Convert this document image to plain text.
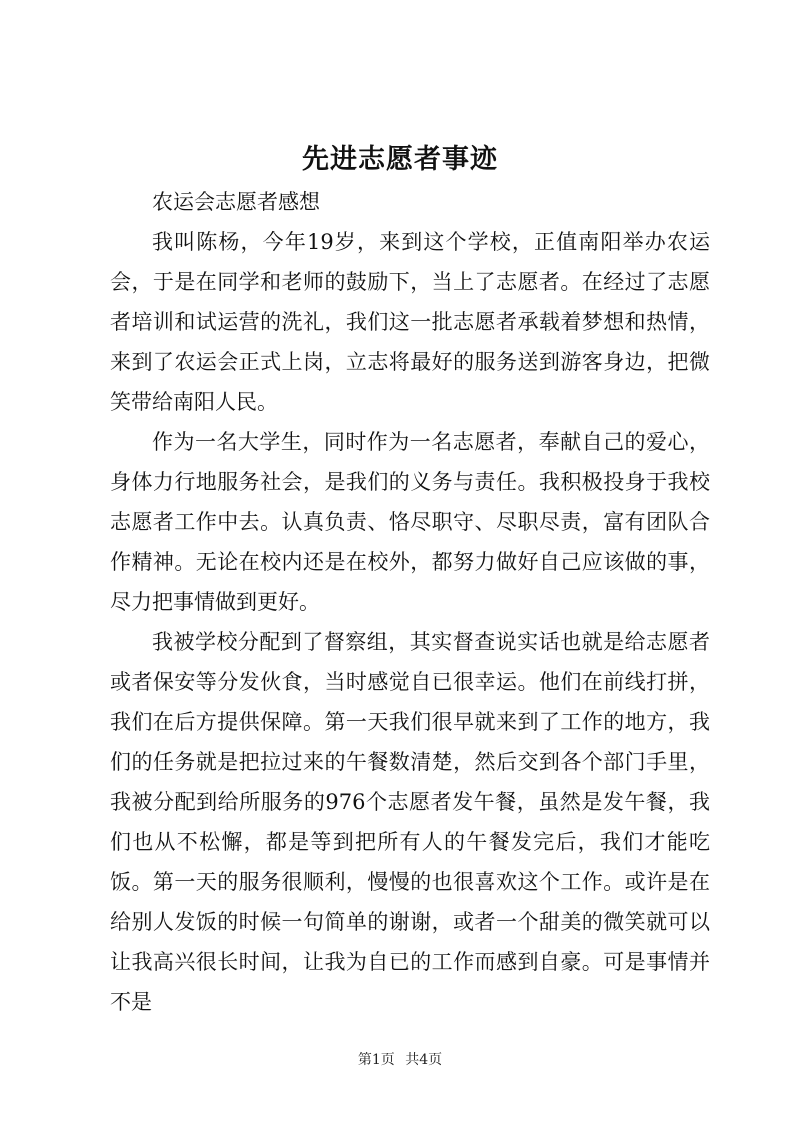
先进志愿者事迹

农运会志愿者感想

我叫陈杨，今年19岁，来到这个学校，正值南阳举办农运会，于是在同学和老师的鼓励下，当上了志愿者。在经过了志愿者培训和试运营的洗礼，我们这一批志愿者承载着梦想和热情，来到了农运会正式上岗，立志将最好的服务送到游客身边，把微笑带给南阳人民。

作为一名大学生，同时作为一名志愿者，奉献自己的爱心，身体力行地服务社会，是我们的义务与责任。我积极投身于我校志愿者工作中去。认真负责、恪尽职守、尽职尽责，富有团队合作精神。无论在校内还是在校外，都努力做好自己应该做的事，尽力把事情做到更好。

我被学校分配到了督察组，其实督查说实话也就是给志愿者或者保安等分发伙食，当时感觉自已很幸运。他们在前线打拼，我们在后方提供保障。第一天我们很早就来到了工作的地方，我们的任务就是把拉过来的午餐数清楚，然后交到各个部门手里，我被分配到给所服务的976个志愿者发午餐，虽然是发午餐，我们也从不松懈，都是等到把所有人的午餐发完后，我们才能吃饭。第一天的服务很顺利，慢慢的也很喜欢这个工作。或许是在给别人发饭的时候一句简单的谢谢，或者一个甜美的微笑就可以让我高兴很长时间，让我为自已的工作而感到自豪。可是事情并不是

第1页 共4页
